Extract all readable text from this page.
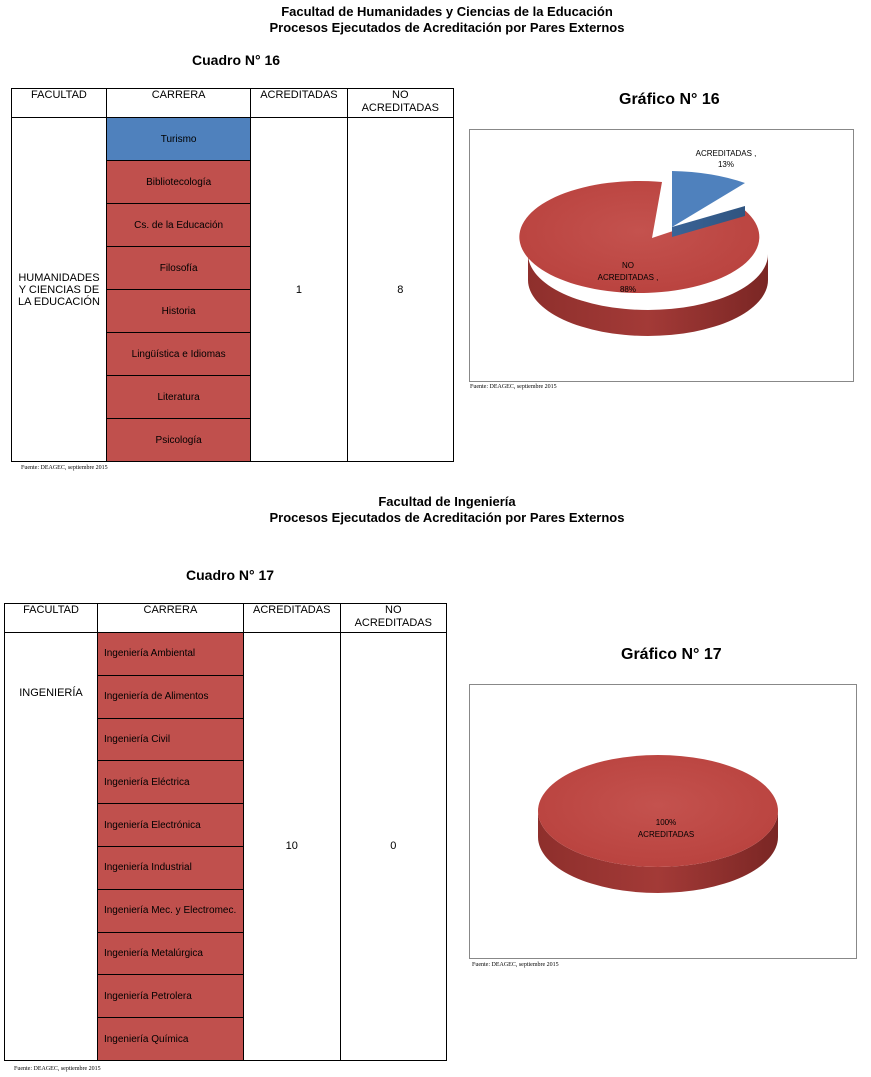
Facultad de Humanidades y Ciencias de la Educación
Procesos Ejecutados de Acreditación por Pares Externos
Cuadro N° 16
FACULTAD	CARRERA	ACREDITADAS	NO ACREDITADAS
HUMANIDADES Y CIENCIAS DE LA EDUCACIÓN	Turismo	1	8
	Bibliotecología		
	Cs. de la Educación		
	Filosofía		
	Historia		
	Lingüística e Idiomas		
	Literatura		
	Psicología		
Fuente: DEAGEC, septiembre 2015
Gráfico N° 16
ACREDITADAS ,
13%
NO
ACREDITADAS ,
88%
Fuente: DEAGEC, septiembre 2015
Facultad de Ingeniería
Procesos Ejecutados de Acreditación por Pares Externos
Cuadro N° 17
FACULTAD	CARRERA	ACREDITADAS	NO ACREDITADAS
INGENIERÍA	Ingeniería Ambiental	10	0
	Ingeniería de Alimentos		
	Ingeniería Civil		
	Ingeniería Eléctrica		
	Ingeniería Electrónica		
	Ingeniería Industrial		
	Ingeniería Mec. y Electromec.		
	Ingeniería Metalúrgica		
	Ingeniería Petrolera		
	Ingeniería Química		
Fuente: DEAGEC, septiembre 2015
Gráfico N° 17
100%
ACREDITADAS
Fuente: DEAGEC, septiembre 2015
